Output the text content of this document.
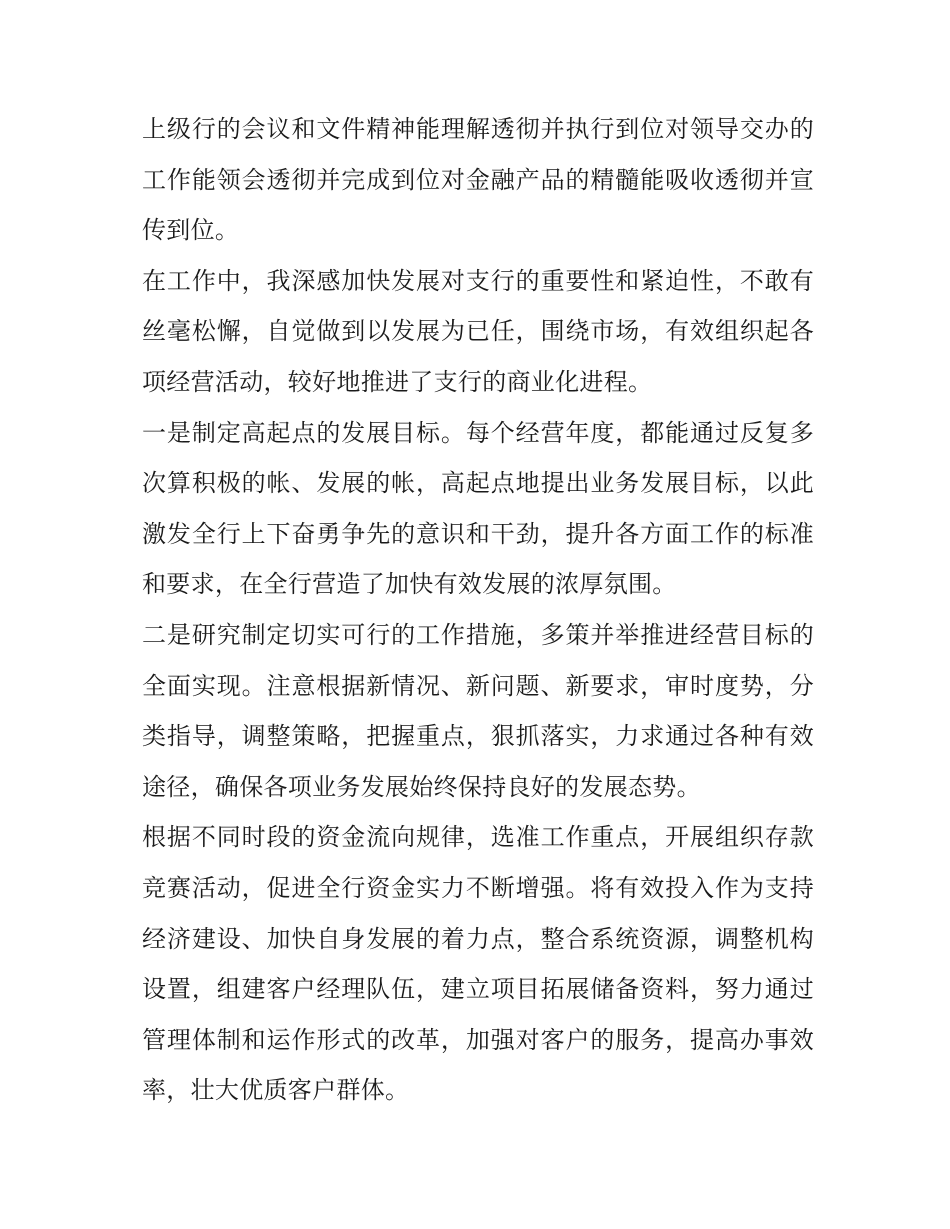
上级行的会议和文件精神能理解透彻并执行到位对领导交办的工作能领会透彻并完成到位对金融产品的精髓能吸收透彻并宣传到位。

在工作中，我深感加快发展对支行的重要性和紧迫性，不敢有丝毫松懈，自觉做到以发展为已任，围绕市场，有效组织起各项经营活动，较好地推进了支行的商业化进程。

一是制定高起点的发展目标。每个经营年度，都能通过反复多次算积极的帐、发展的帐，高起点地提出业务发展目标，以此激发全行上下奋勇争先的意识和干劲，提升各方面工作的标准和要求，在全行营造了加快有效发展的浓厚氛围。

二是研究制定切实可行的工作措施，多策并举推进经营目标的全面实现。注意根据新情况、新问题、新要求，审时度势，分类指导，调整策略，把握重点，狠抓落实，力求通过各种有效途径，确保各项业务发展始终保持良好的发展态势。

根据不同时段的资金流向规律，选准工作重点，开展组织存款竞赛活动，促进全行资金实力不断增强。将有效投入作为支持经济建设、加快自身发展的着力点，整合系统资源，调整机构设置，组建客户经理队伍，建立项目拓展储备资料，努力通过管理体制和运作形式的改革，加强对客户的服务，提高办事效率，壮大优质客户群体。
